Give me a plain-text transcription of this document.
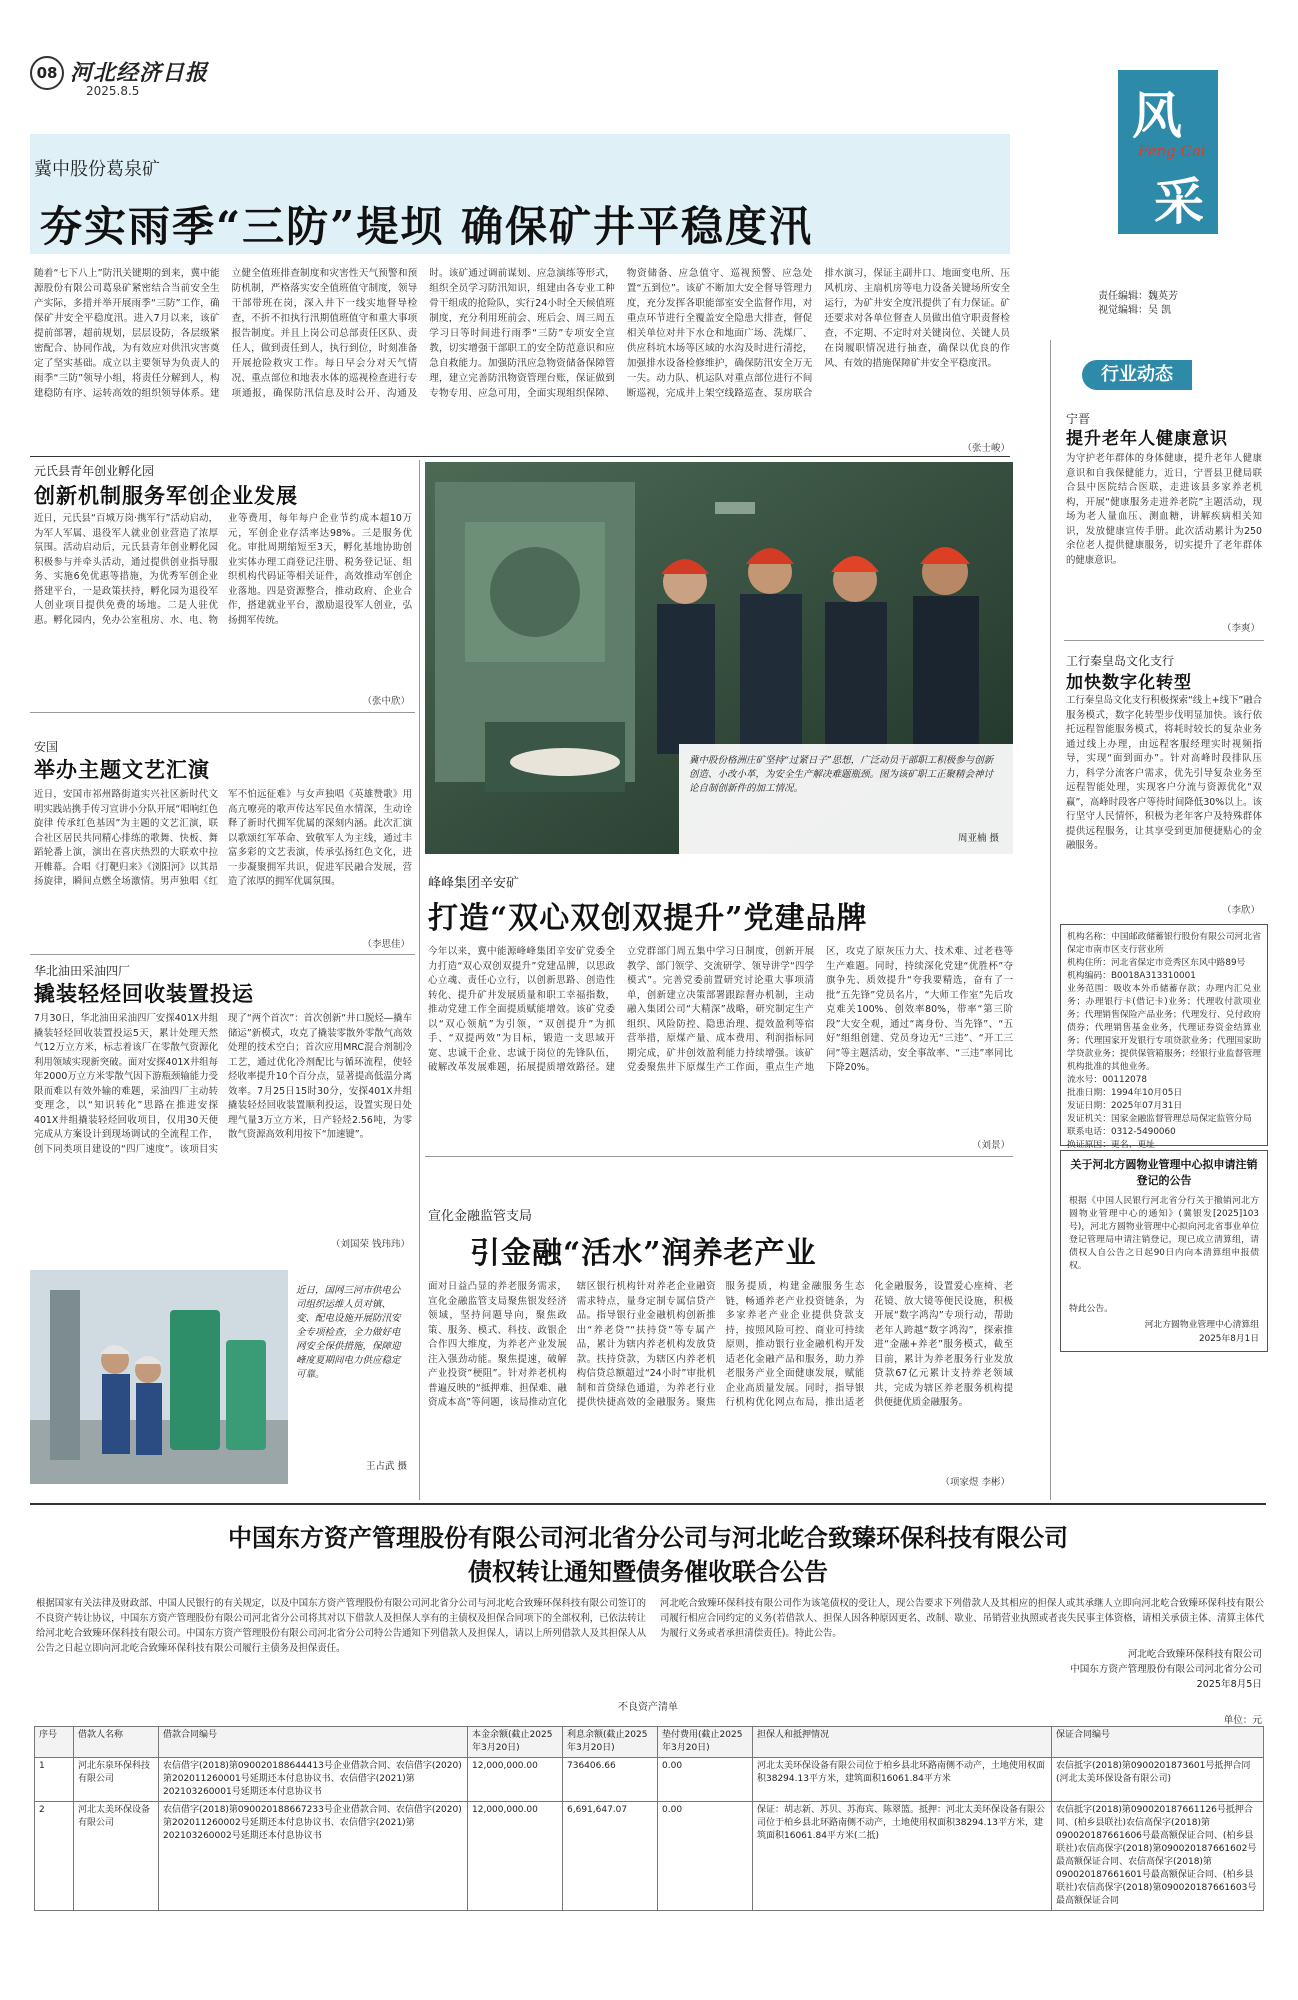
08 河北经济日报
2025.8.5	风
Feng Cai
采
责任编辑：魏英芳
视觉编辑：吴 凯
冀中股份葛泉矿
夯实雨季“三防”堤坝 确保矿井平稳度汛
随着“七下八上”防汛关键期的到来，冀中能源股份有限公司葛泉矿紧密结合当前安全生产实际，多措并举开展雨季“三防”工作，确保矿井安全平稳度汛。进入7月以来，该矿提前部署，超前规划，层层设防，各层级紧密配合、协同作战，为有效应对供汛灾害奠定了坚实基础。成立以主要领导为负责人的雨季“三防”领导小组，将责任分解到人，构建稳防有序、运转高效的组织领导体系。建立健全值班排查制度和灾害性天气预警和预防机制，严格落实安全值班值守制度，领导干部带班在岗，深入井下一线实地督导检查，不折不扣执行汛期值班值守和重大事项报告制度。并且上岗公司总部责任区队、责任人，做到责任到人，执行到位，时刻准备开展抢险救灾工作。每日早会分对天气情况、重点部位和地表水体的巡视检查进行专项通报，确保防汛信息及时公开、沟通及时。该矿通过调前谋划、应急演练等形式，组织全员学习防汛知识，组建由各专业工种骨干组成的抢险队，实行24小时全天候值班制度，充分利用班前会、班后会、周三周五学习日等时间进行雨季“三防”专项安全宣教，切实增强干部职工的安全防范意识和应急自救能力。加强防汛应急物资储备保障管理，建立完善防汛物资管理台账，保证做到专物专用、应急可用，全面实现组织保障、物资储备、应急值守、巡视预警、应急处置“五到位”。该矿不断加大安全督导管理力度，充分发挥各职能部室安全监督作用，对重点环节进行全覆盖安全隐患大排查，督促相关单位对井下水仓和地面广场、洗煤厂、供应科坑木场等区域的水沟及时进行清挖，加强排水设备检修维护，确保防汛安全万无一失。动力队、机运队对重点部位进行不间断巡视，完成井上架空线路巡查、泵房联合排水演习，保证主副井口、地面变电所、压风机房、主扇机房等电力设备关键场所安全运行，为矿井安全度汛提供了有力保证。矿还要求对各单位督查人员做出值守职责督检查，不定期、不定时对关键岗位、关键人员在岗履职情况进行抽查，确保以优良的作风、有效的措施保障矿井安全平稳度汛。
（张士峻）
元氏县青年创业孵化园
创新机制服务军创企业发展
近日，元氏县“百城万岗·携军行”活动启动，为军人军属、退役军人就业创业营造了浓厚氛围。活动启动后，元氏县青年创业孵化园积极参与并牵头活动，通过提供创业指导服务、实施6免优惠等措施，为优秀军创企业搭建平台，一是政策扶持，孵化园为退役军人创业项目提供免费的场地。二是人驻优惠。孵化园内，免办公室租房、水、电、物业等费用，每年每户企业节约成本超10万元，军创企业存活率达98%。三是服务优化。审批周期缩短至3天，孵化基地协助创业实体办理工商登记注册、税务登记证、组织机构代码证等相关证件，高效推动军创企业落地。四是资源整合，推动政府、企业合作，搭建就业平台，激励退役军人创业，弘扬拥军传统。
（张中欣）
安国
举办主题文艺汇演
近日，安国市祁州路街道实兴社区新时代文明实践站携手传习宣讲小分队开展“唱响红色旋律 传承红色基因”为主题的文艺汇演，联合社区居民共同精心排练的歌舞、快板、舞蹈轮番上演，演出在喜庆热烈的大联欢中拉开帷幕。合唱《打靶归来》《浏阳河》以其昂扬旋律，瞬间点燃全场激情。男声独唱《红军不怕远征难》与女声独唱《英雄赞歌》用高亢嘹亮的歌声传达军民鱼水情深，生动诠释了新时代拥军优属的深刻内涵。此次汇演以歌颂红军革命、致敬军人为主线，通过丰富多彩的文艺表演，传承弘扬红色文化，进一步凝聚拥军共识，促进军民融合发展，营造了浓厚的拥军优属氛围。
（李思佳）
华北油田采油四厂
撬装轻烃回收装置投运
7月30日，华北油田采油四厂安探401X井组撬装轻烃回收装置投运5天，累计处理天然气12万立方米，标志着该厂在零散气资源化利用领域实现新突破。面对安探401X井组每年2000万立方米零散气因下游瓶颈输能力受限而难以有效外输的难题，采油四厂主动转变理念，以“知识转化”思路在推进安探401X井组撬装轻烃回收项目，仅用30天便完成从方案设计到现场调试的全流程工作，创下同类项目建设的“四厂速度”。该项目实现了“两个首次”：首次创新“井口脱烃—撬车储运”新模式，攻克了撬装零散外零散气高效处理的技术空白；首次应用MRC混合剂制冷工艺，通过优化冷剂配比与循环流程，使轻烃收率提升10个百分点，显著提高低温分离效率。7月25日15时30分，安探401X井组撬装轻烃回收装置顺利投运，设置实现日处理气量3万立方米，日产轻烃2.56吨，为零散气资源高效利用按下“加速键”。
（刘国荣 钱玮玮）
冀中股份格洲庄矿坚持“过紧日子”思想，广泛动员干部职工积极参与创新创造、小改小革，为安全生产解决难题瓶颈。图为该矿职工正聚精会神讨论自制创新件的加工情况。
周亚楠 摄
峰峰集团辛安矿
打造“双心双创双提升”党建品牌
今年以来，冀中能源峰峰集团辛安矿党委全力打造“双心双创双提升”党建品牌，以思政心立魂、责任心立行，以创新思路、创造性转化、提升矿井发展质量和职工幸福指数，推动党建工作全面提质赋能增效。该矿党委以“双心领航”为引领，“双创提升”为抓手、“双提两效”为目标，锻造一支思域开宽、忠诚干企业、忠诚于岗位的先锋队伍，破解改革发展难题，拓展提质增效路径。建立党群部门周五集中学习日制度，创新开展教学、部门领学、交流研学、领导讲学“四学模式”。完善党委前置研究讨论重大事项清单，创新建立决策部署跟踪督办机制，主动融入集团公司“大精深”战略，研究制定生产组织、风险防控、隐患治理、提效盈利等宿营举措，原煤产量、成本费用、利润指标同期完成，矿井创效盈利能力持续增强。该矿党委聚焦井下原煤生产工作面，重点生产地区，攻克了原灰压力大、技术难、过老巷等生产难题。同时，持续深化党建“优胜杯”夺旗争先、质效提升“夸我要精选，奋有了一批“五先锋”党员名片，“大师工作室”先后攻克难关100%、创效率80%，带率“第三阶段”大安全观，通过“离身份、当先锋”、“五好”组组创建、党员身边无“三违”、“开工三问”等主题活动，安全事故率、“三违”率同比下降20%。
（刘景）
近日，国网三河市供电公司组织运维人员对镇、变、配电设施开展防汛安全专项检查，全力做好电网安全保供措施，保障迎峰度夏期间电力供应稳定可靠。
王占武 摄
宣化金融监管支局
引金融“活水”润养老产业
面对日益凸显的养老服务需求，宣化金融监管支局聚焦银发经济领域，坚持问题导向，聚焦政策、服务、模式、科技、政银企合作四大维度，为养老产业发展注入强劲动能。聚焦提速，破解产业投资“梗阻”。针对养老机构普遍反映的“抵押难、担保难、融资成本高”等问题，该局推动宣化辖区银行机构针对养老企业融资需求特点，量身定制专属信贷产品。指导银行业金融机构创新推出“养老贷”“扶持贷”等专属产品，累计为辖内养老机构发放贷款。扶持贷款，为辖区内养老机构信贷总额超过“24小时”审批机制和首贷绿色通道，为养老行业提供快捷高效的金融服务。聚焦服务提质，构建金融服务生态链，畅通养老产业投资链条，为多家养老产业企业提供贷款支持，按照风险可控、商业可持续原则，推动银行业金融机构开发适老化金融产品和服务，助力养老服务产业全面健康发展，赋能企业高质量发展。同时，指导银行机构优化网点布局，推出适老化金融服务，设置爱心座椅、老花镜、放大镜等便民设施，积极开展“数字鸿沟”专项行动，帮助老年人跨越“数字鸿沟”，探索推进“金融+养老”服务模式，截至目前，累计为养老服务行业发放贷款67亿元累计支持养老领域共，完成为辖区养老服务机构提供便捷优质金融服务。
（项家煜 李彬）
行业动态
宁晋
提升老年人健康意识
为守护老年群体的身体健康，提升老年人健康意识和自我保健能力，近日，宁晋县卫健局联合县中医院结合医联，走进该县多家养老机构，开展“健康服务走进养老院”主题活动，现场为老人量血压、测血糖，讲解疾病相关知识，发放健康宣传手册。此次活动累计为250余位老人提供健康服务，切实提升了老年群体的健康意识。
（李爽）
工行秦皇岛文化支行
加快数字化转型
工行秦皇岛文化支行积极探索“线上+线下”融合服务模式，数字化转型步伐明显加快。该行依托远程智能服务模式，将耗时较长的复杂业务通过线上办理，由远程客服经理实时视频指导，实现“面到面办”。针对高峰时段排队压力，科学分流客户需求，优先引导复杂业务至远程智能处理，实现客户分流与资源优化“双赢”，高峰时段客户等待时间降低30%以上。该行坚守人民情怀，积极为老年客户及特殊群体提供远程服务，让其享受到更加便捷贴心的金融服务。
（李欣）
机构名称：中国邮政储蓄银行股份有限公司河北省保定市南市区支行营业所
机构住所：河北省保定市竞秀区东风中路89号
机构编码：B0018A313310001
业务范围：吸收本外币储蓄存款；办理内汇兑业务；办理银行卡(借记卡)业务；代理收付款项业务；代理销售保险产品业务；代理发行、兑付政府债券；代理销售基金业务，代理证券资金结算业务；代理国家开发银行专项贷款业务；代理国家助学贷款业务；提供保管箱服务；经银行业监督管理机构批准的其他业务。
流水号：00112078
批准日期：1994年10月05日
发证日期：2025年07月31日
发证机关：国家金融监督管理总局保定监管分局
联系电话：0312-5490060
换证原因：更名、更址
关于河北方圆物业管理中心拟申请注销登记的公告
根据《中国人民银行河北省分行关于撤销河北方圆物业管理中心的通知》(冀银发[2025]103号)，河北方圆物业管理中心拟向河北省事业单位登记管理局申请注销登记，现已成立清算组，请债权人自公告之日起90日内向本清算组申报债权。
特此公告。
河北方圆物业管理中心清算组
2025年8月1日
中国东方资产管理股份有限公司河北省分公司与河北屹合致臻环保科技有限公司
债权转让通知暨债务催收联合公告
根据国家有关法律及财政部、中国人民银行的有关规定，以及中国东方资产管理股份有限公司河北省分公司与河北屹合致臻环保科技有限公司签订的不良资产转让协议，中国东方资产管理股份有限公司河北省分公司将其对以下借款人及担保人享有的主债权及担保合同项下的全部权利，已依法转让给河北屹合致臻环保科技有限公司。中国东方资产管理股份有限公司河北省分公司特公告通知下列借款人及担保人，请以上所列借款人及其担保人从公告之日起立即向河北屹合致臻环保科技有限公司履行主债务及担保责任。
河北屹合致臻环保科技有限公司作为该笔债权的受让人，现公告要求下列借款人及其相应的担保人或其承继人立即向河北屹合致臻环保科技有限公司履行相应合同约定的义务(若借款人、担保人因各种原因更名、改制、歇业、吊销营业执照或者丧失民事主体资格，请相关承债主体、清算主体代为履行义务或者承担清偿责任)。特此公告。
河北屹合致臻环保科技有限公司
中国东方资产管理股份有限公司河北省分公司
2025年8月5日
不良资产清单
单位：元
序号	借款人名称	借款合同编号	本金余额(截止2025年3月20日)	利息余额(截止2025年3月20日)	垫付费用(截止2025年3月20日)	担保人和抵押情况	保证合同编号
1	河北东泉环保科技有限公司	农信借字(2018)第090020188644413号企业借款合同、农信借字(2020)第202011260001号延期还本付息协议书、农信借字(2021)第202103260001号延期还本付息协议书	12,000,000.00	736406.66	0.00	河北太美环保设备有限公司位于柏乡县北环路南侧不动产，土地使用权面积38294.13平方米，建筑面积16061.84平方米	农信抵字(2018)第0900201873601号抵押合同(河北太美环保设备有限公司)
2	河北太美环保设备有限公司	农信借字(2018)第090020188667233号企业借款合同、农信借字(2020)第202011260002号延期还本付息协议书、农信借字(2021)第202103260002号延期还本付息协议书	12,000,000.00	6,691,647.07	0.00	保证：胡志新、苏贝、苏海宾、陈翠篮。抵押：河北太美环保设备有限公司位于柏乡县北环路南侧不动产，土地使用权面积38294.13平方米，建筑面积16061.84平方米(二抵)	农信抵字(2018)第090020187661126号抵押合同、(柏乡县联社)农信高保字(2018)第090020187661606号最高额保证合同、(柏乡县联社)农信高保字(2018)第090020187661602号最高额保证合同、农信高保字(2018)第090020187661601号最高额保证合同、(柏乡县联社)农信高保字(2018)第090020187661603号最高额保证合同
